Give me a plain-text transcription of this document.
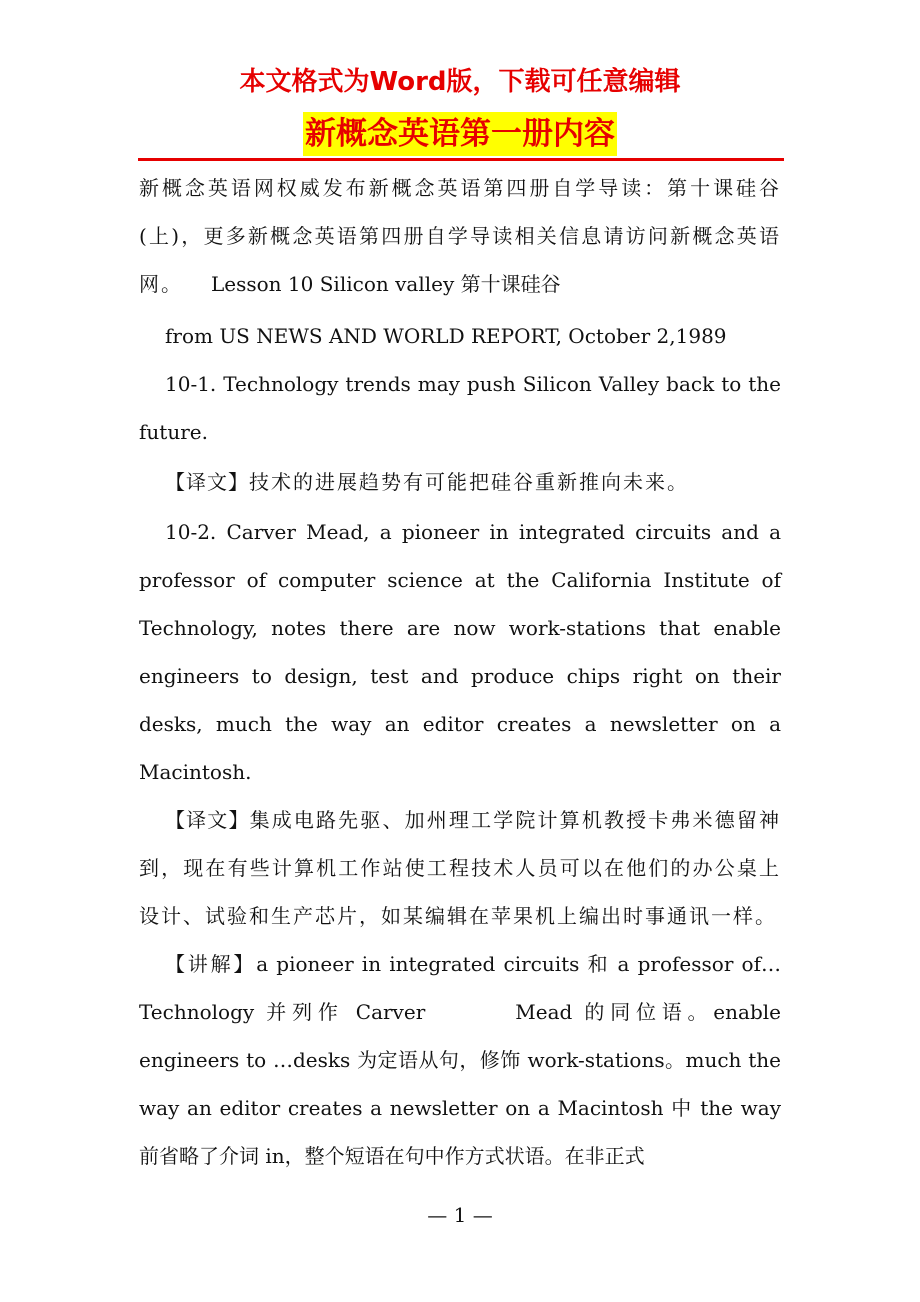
本文格式为Word版，下载可任意编辑
新概念英语第一册内容

新概念英语网权威发布新概念英语第四册自学导读：第十课硅谷(上)，更多新概念英语第四册自学导读相关信息请访问新概念英语网。 Lesson 10 Silicon valley 第十课硅谷

from US NEWS AND WORLD REPORT, October 2,1989

10-1. Technology trends may push Silicon Valley back to the future.

【译文】技术的进展趋势有可能把硅谷重新推向未来。

10-2. Carver Mead, a pioneer in integrated circuits and a professor of computer science at the California Institute of Technology, notes there are now work-stations that enable engineers to design, test and produce chips right on their desks, much the way an editor creates a newsletter on a Macintosh.

【译文】集成电路先驱、加州理工学院计算机教授卡弗米德留神到，现在有些计算机工作站使工程技术人员可以在他们的办公桌上设计、试验和生产芯片，如某编辑在苹果机上编出时事通讯一样。

【讲解】a pioneer in integrated circuits 和 a professor of…Technology 并列作 Carver	Mead 的同位语。enable engineers to …desks 为定语从句，修饰 work-stations。much the way an editor creates a newsletter on a Macintosh 中 the way 前省略了介词 in，整个短语在句中作方式状语。在非正式

— 1 —
